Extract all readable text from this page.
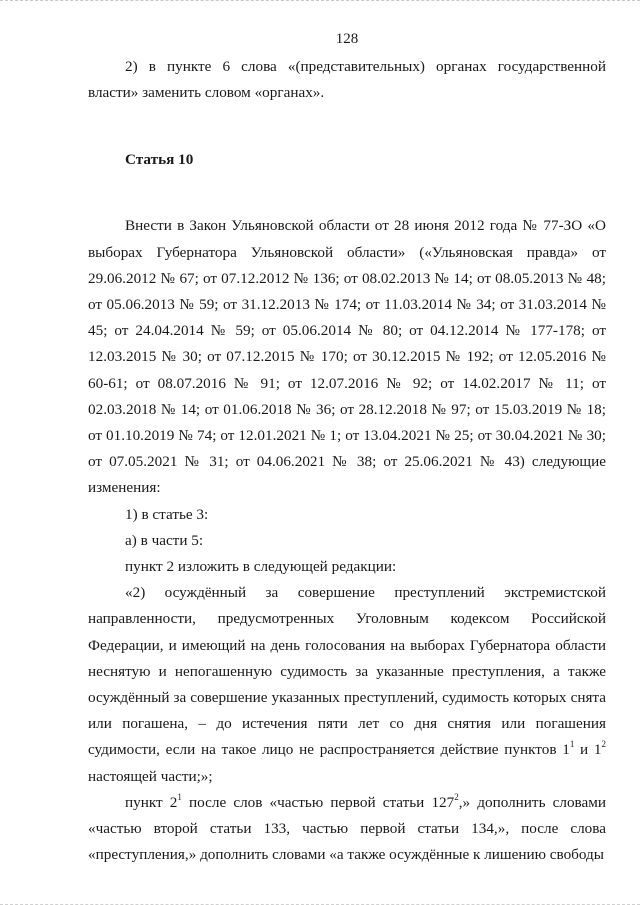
128

2) в пункте 6 слова «(представительных) органах государственной власти» заменить словом «органах».

Статья 10

Внести в Закон Ульяновской области от 28 июня 2012 года № 77-ЗО «О выборах Губернатора Ульяновской области» («Ульяновская правда» от 29.06.2012 № 67; от 07.12.2012 № 136; от 08.02.2013 № 14; от 08.05.2013 № 48; от 05.06.2013 № 59; от 31.12.2013 № 174; от 11.03.2014 № 34; от 31.03.2014 № 45; от 24.04.2014 № 59; от 05.06.2014 № 80; от 04.12.2014 № 177-178; от 12.03.2015 № 30; от 07.12.2015 № 170; от 30.12.2015 № 192; от 12.05.2016 № 60-61; от 08.07.2016 № 91; от 12.07.2016 № 92; от 14.02.2017 № 11; от 02.03.2018 № 14; от 01.06.2018 № 36; от 28.12.2018 № 97; от 15.03.2019 № 18; от 01.10.2019 № 74; от 12.01.2021 № 1; от 13.04.2021 № 25; от 30.04.2021 № 30; от 07.05.2021 № 31; от 04.06.2021 № 38; от 25.06.2021 № 43) следующие изменения:

1) в статье 3:

а) в части 5:

пункт 2 изложить в следующей редакции:

«2) осуждённый за совершение преступлений экстремистской направленности, предусмотренных Уголовным кодексом Российской Федерации, и имеющий на день голосования на выборах Губернатора области неснятую и непогашенную судимость за указанные преступления, а также осуждённый за совершение указанных преступлений, судимость которых снята или погашена, – до истечения пяти лет со дня снятия или погашения судимости, если на такое лицо не распространяется действие пунктов $1^1$ и $1^2$ настоящей части;»;

пункт $2^1$ после слов «частью первой статьи $127^2$,» дополнить словами «частью второй статьи 133, частью первой статьи 134,», после слова «преступления,» дополнить словами «а также осуждённые к лишению свободы
